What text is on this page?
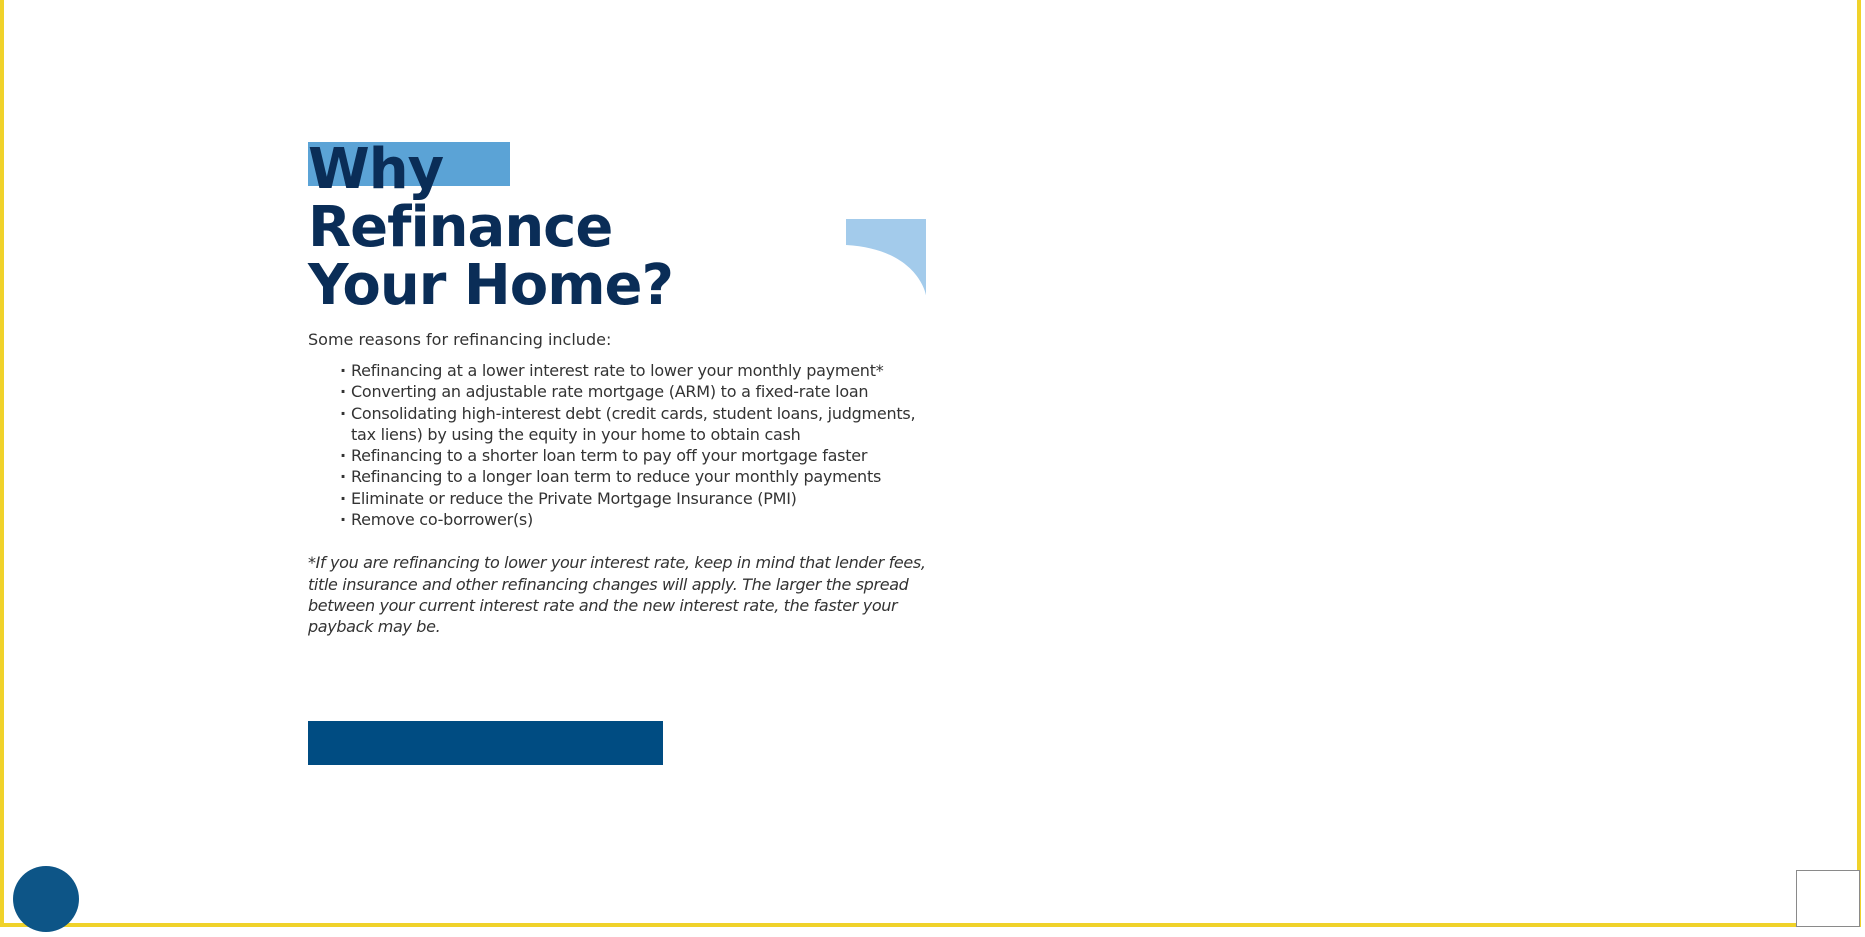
Why
Refinance
Your Home?

Some reasons for refinancing include:

· Refinancing at a lower interest rate to lower your monthly payment*
· Converting an adjustable rate mortgage (ARM) to a fixed-rate loan
· Consolidating high-interest debt (credit cards, student loans, judgments, tax liens) by using the equity in your home to obtain cash
· Refinancing to a shorter loan term to pay off your mortgage faster
· Refinancing to a longer loan term to reduce your monthly payments
· Eliminate or reduce the Private Mortgage Insurance (PMI)
· Remove co-borrower(s)

*If you are refinancing to lower your interest rate, keep in mind that lender fees, title insurance and other refinancing changes will apply. The larger the spread between your current interest rate and the new interest rate, the faster your payback may be.
